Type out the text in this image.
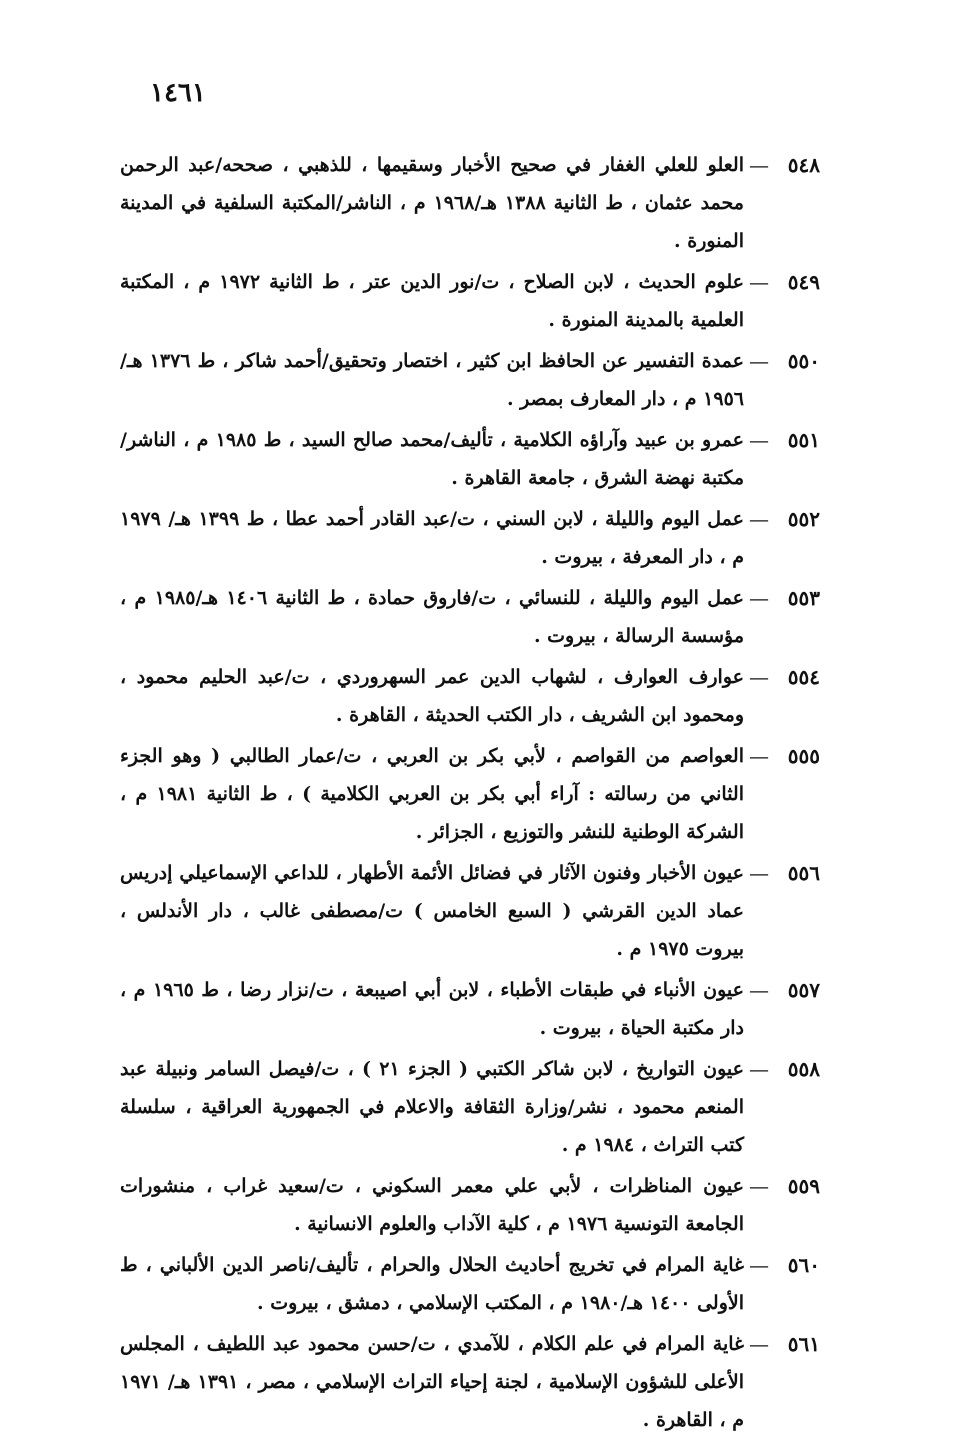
١٤٦١
٥٤٨
—
العلو للعلي الغفار في صحيح الأخبار وسقيمها ، للذهبي ، صححه/عبد الرحمن محمد عثمان ، ط الثانية ١٣٨٨ هـ/١٩٦٨ م ، الناشر/المكتبة السلفية في المدينة المنورة .
٥٤٩
—
علوم الحديث ، لابن الصلاح ، ت/نور الدين عتر ، ط الثانية ١٩٧٢ م ، المكتبة العلمية بالمدينة المنورة .
٥٥٠
—
عمدة التفسير عن الحافظ ابن كثير ، اختصار وتحقيق/أحمد شاكر ، ط ١٣٧٦ هـ/ ١٩٥٦ م ، دار المعارف بمصر .
٥٥١
—
عمرو بن عبيد وآراؤه الكلامية ، تأليف/محمد صالح السيد ، ط ١٩٨٥ م ، الناشر/مكتبة نهضة الشرق ، جامعة القاهرة .
٥٥٢
—
عمل اليوم والليلة ، لابن السني ، ت/عبد القادر أحمد عطا ، ط ١٣٩٩ هـ/ ١٩٧٩ م ، دار المعرفة ، بيروت .
٥٥٣
—
عمل اليوم والليلة ، للنسائي ، ت/فاروق حمادة ، ط الثانية ١٤٠٦ هـ/١٩٨٥ م ، مؤسسة الرسالة ، بيروت .
٥٥٤
—
عوارف العوارف ، لشهاب الدين عمر السهروردي ، ت/عبد الحليم محمود ، ومحمود ابن الشريف ، دار الكتب الحديثة ، القاهرة .
٥٥٥
—
العواصم من القواصم ، لأبي بكر بن العربي ، ت/عمار الطالبي ( وهو الجزء الثاني من رسالته : آراء أبي بكر بن العربي الكلامية ) ، ط الثانية ١٩٨١ م ، الشركة الوطنية للنشر والتوزيع ، الجزائر .
٥٥٦
—
عيون الأخبار وفنون الآثار في فضائل الأئمة الأطهار ، للداعي الإسماعيلي إدريس عماد الدين القرشي ( السبع الخامس ) ت/مصطفى غالب ، دار الأندلس ، بيروت ١٩٧٥ م .
٥٥٧
—
عيون الأنباء في طبقات الأطباء ، لابن أبي اصيبعة ، ت/نزار رضا ، ط ١٩٦٥ م ، دار مكتبة الحياة ، بيروت .
٥٥٨
—
عيون التواريخ ، لابن شاكر الكتبي ( الجزء ٢١ ) ، ت/فيصل السامر ونبيلة عبد المنعم محمود ، نشر/وزارة الثقافة والاعلام في الجمهورية العراقية ، سلسلة كتب التراث ، ١٩٨٤ م .
٥٥٩
—
عيون المناظرات ، لأبي علي معمر السكوني ، ت/سعيد غراب ، منشورات الجامعة التونسية ١٩٧٦ م ، كلية الآداب والعلوم الانسانية .
٥٦٠
—
غاية المرام في تخريج أحاديث الحلال والحرام ، تأليف/ناصر الدين الألباني ، ط الأولى ١٤٠٠ هـ/١٩٨٠ م ، المكتب الإسلامي ، دمشق ، بيروت .
٥٦١
—
غاية المرام في علم الكلام ، للآمدي ، ت/حسن محمود عبد اللطيف ، المجلس الأعلى للشؤون الإسلامية ، لجنة إحياء التراث الإسلامي ، مصر ، ١٣٩١ هـ/ ١٩٧١ م ، القاهرة .
